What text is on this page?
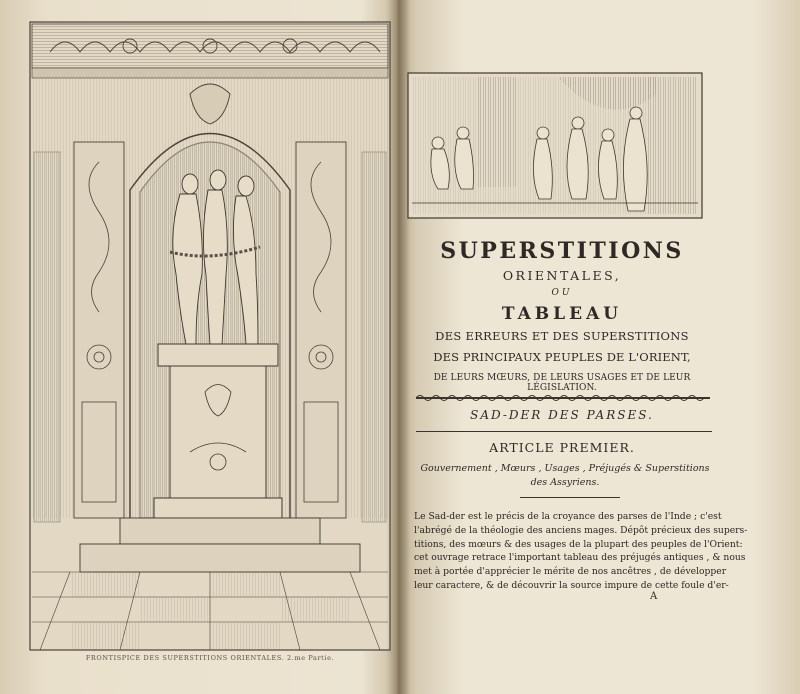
FRONTISPICE DES SUPERSTITIONS ORIENTALES. 2.me Partie.
SUPERSTITIONS
ORIENTALES,
OU
TABLEAU
DES ERREURS ET DES SUPERSTITIONS
DES PRINCIPAUX PEUPLES DE L'ORIENT,
DE LEURS MŒURS, DE LEURS USAGES ET DE LEUR LÉGISLATION.
SAD-DER DES PARSES.
ARTICLE PREMIER.
Gouvernement , Mœurs , Usages , Préjugés & Superstitions
des Assyriens.
Le Sad-der est le précis de la croyance des parses de l'Inde ; c'est
l'abrégé de la théologie des anciens mages. Dépôt précieux des supers-
titions, des mœurs & des usages de la plupart des peuples de l'Orient:
cet ouvrage retrace l'important tableau des préjugés antiques , & nous
met à portée d'apprécier le mérite de nos ancêtres , de développer
leur caractere, & de découvrir la source impure de cette foule d'er-
A
